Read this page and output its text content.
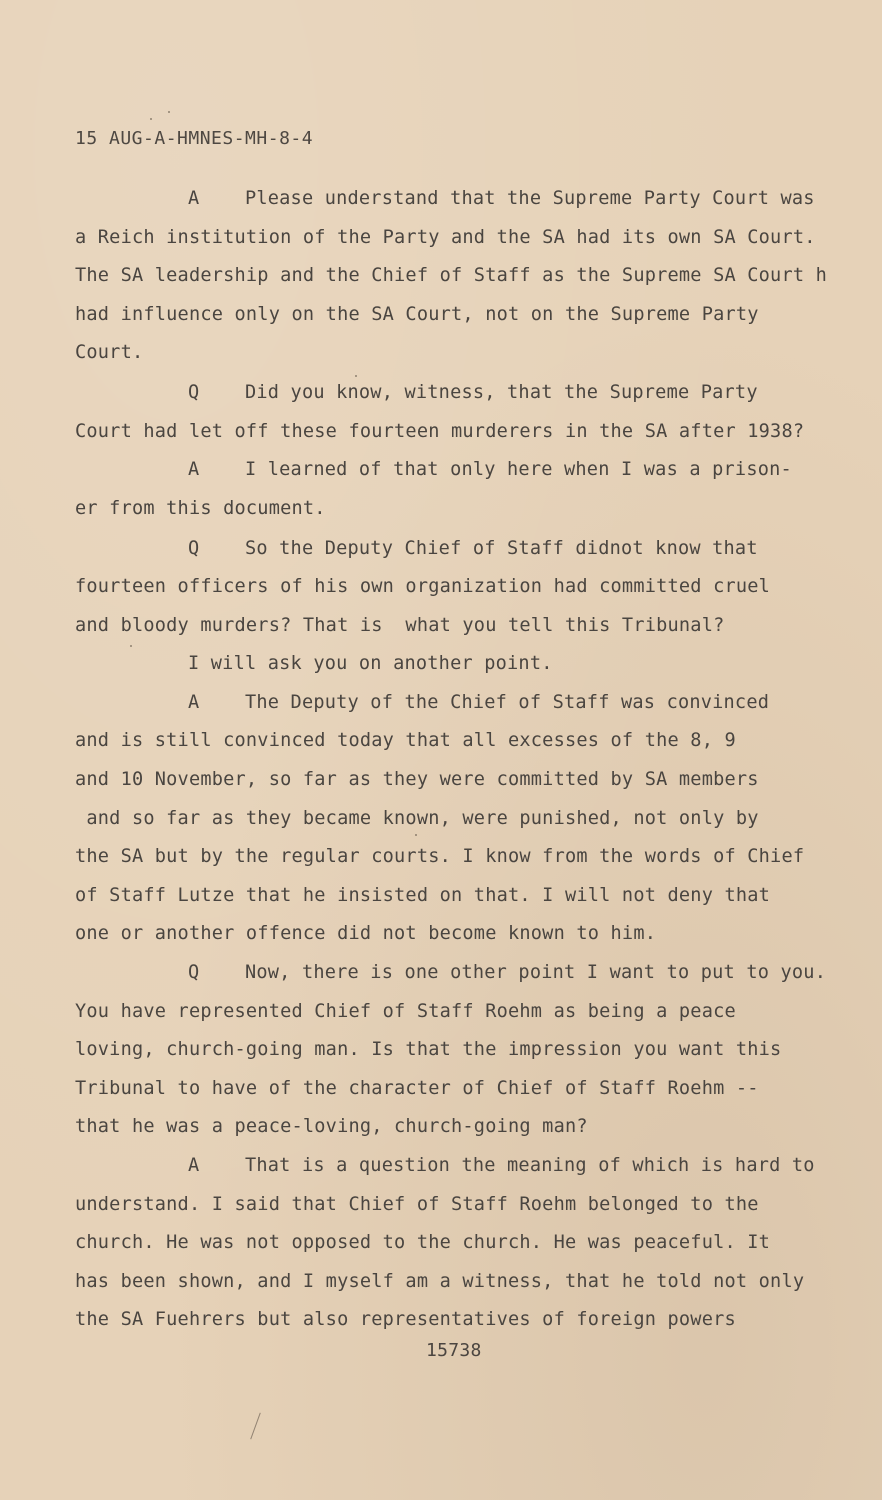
15 AUG-A-HMNES-MH-8-4
A    Please understand that the Supreme Party Court was
a Reich institution of the Party and the SA had its own SA Court.
The SA leadership and the Chief of Staff as the Supreme SA Court h
had influence only on the SA Court, not on the Supreme Party
Court.
Q    Did you know, witness, that the Supreme Party
Court had let off these fourteen murderers in the SA after 1938?
A    I learned of that only here when I was a prison-
er from this document.
Q    So the Deputy Chief of Staff didnot know that
fourteen officers of his own organization had committed cruel
and bloody murders? That is  what you tell this Tribunal?
I will ask you on another point.
A    The Deputy of the Chief of Staff was convinced
and is still convinced today that all excesses of the 8, 9
and 10 November, so far as they were committed by SA members
and so far as they became known, were punished, not only by
the SA but by the regular courts. I know from the words of Chief
of Staff Lutze that he insisted on that. I will not deny that
one or another offence did not become known to him.
Q    Now, there is one other point I want to put to you.
You have represented Chief of Staff Roehm as being a peace
loving, church-going man. Is that the impression you want this
Tribunal to have of the character of Chief of Staff Roehm --
that he was a peace-loving, church-going man?
A    That is a question the meaning of which is hard to
understand. I said that Chief of Staff Roehm belonged to the
church. He was not opposed to the church. He was peaceful. It
has been shown, and I myself am a witness, that he told not only
the SA Fuehrers but also representatives of foreign powers
15738
